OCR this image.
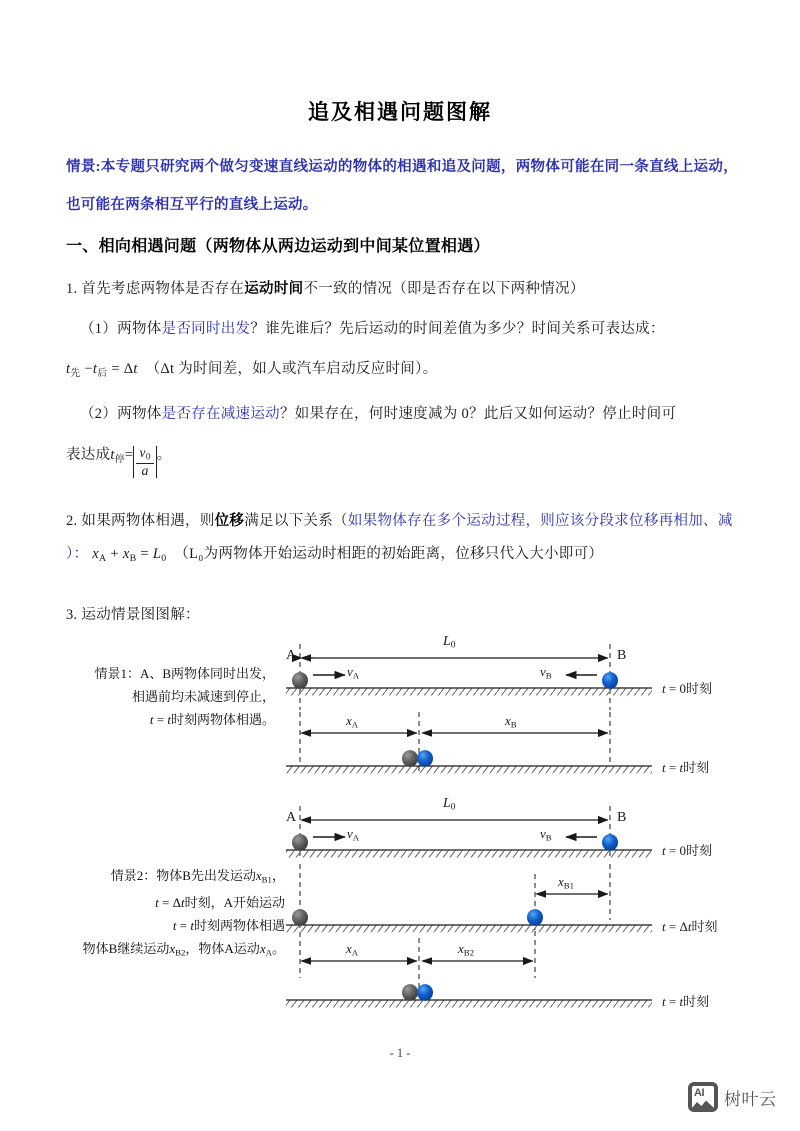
追及相遇问题图解
情景:本专题只研究两个做匀变速直线运动的物体的相遇和追及问题，两物体可能在同一条直线上运动，也可能在两条相互平行的直线上运动。
一、相向相遇问题（两物体从两边运动到中间某位置相遇）
1. 首先考虑两物体是否存在运动时间不一致的情况（即是否存在以下两种情况）
（1）两物体是否同时出发？谁先谁后？先后运动的时间差值为多少？时间关系可表达成：
$t_先 -t_后 = \Delta t$ （Δt 为时间差，如人或汽车启动反应时间）。
（2）两物体是否存在减速运动？如果存在，何时速度减为 0？此后又如何运动？停止时间可
表达成$t_停= \frac{v_0}{a}$ 。
2. 如果两物体相遇，则位移满足以下关系（如果物体存在多个运动过程，则应该分段求位移再相加、减
）： $x_A + x_B = L_0$ （L₀为两物体开始运动时相距的初始距离，位移只代入大小即可）
3. 运动情景图图解：
情景1：A、B两物体同时出发，
相遇前均未减速到停止，
t = t时刻两物体相遇。
A	B
$L_0$
$v_A$	$v_B$
$x_A$	$x_B$
t = 0时刻
t = t时刻
情景2：物体B先出发运动$x_{B1}$，
t = Δt时刻，A开始运动
t = t时刻两物体相遇
物体B继续运动$x_{B2}$，物体A运动$x_A$。
A	B
$L_0$
$v_A$	$v_B$
$x_{B1}$
$x_A$	$x_{B2}$
t = 0时刻
t = Δt时刻
t = t时刻
- 1 -
AI 树叶云
